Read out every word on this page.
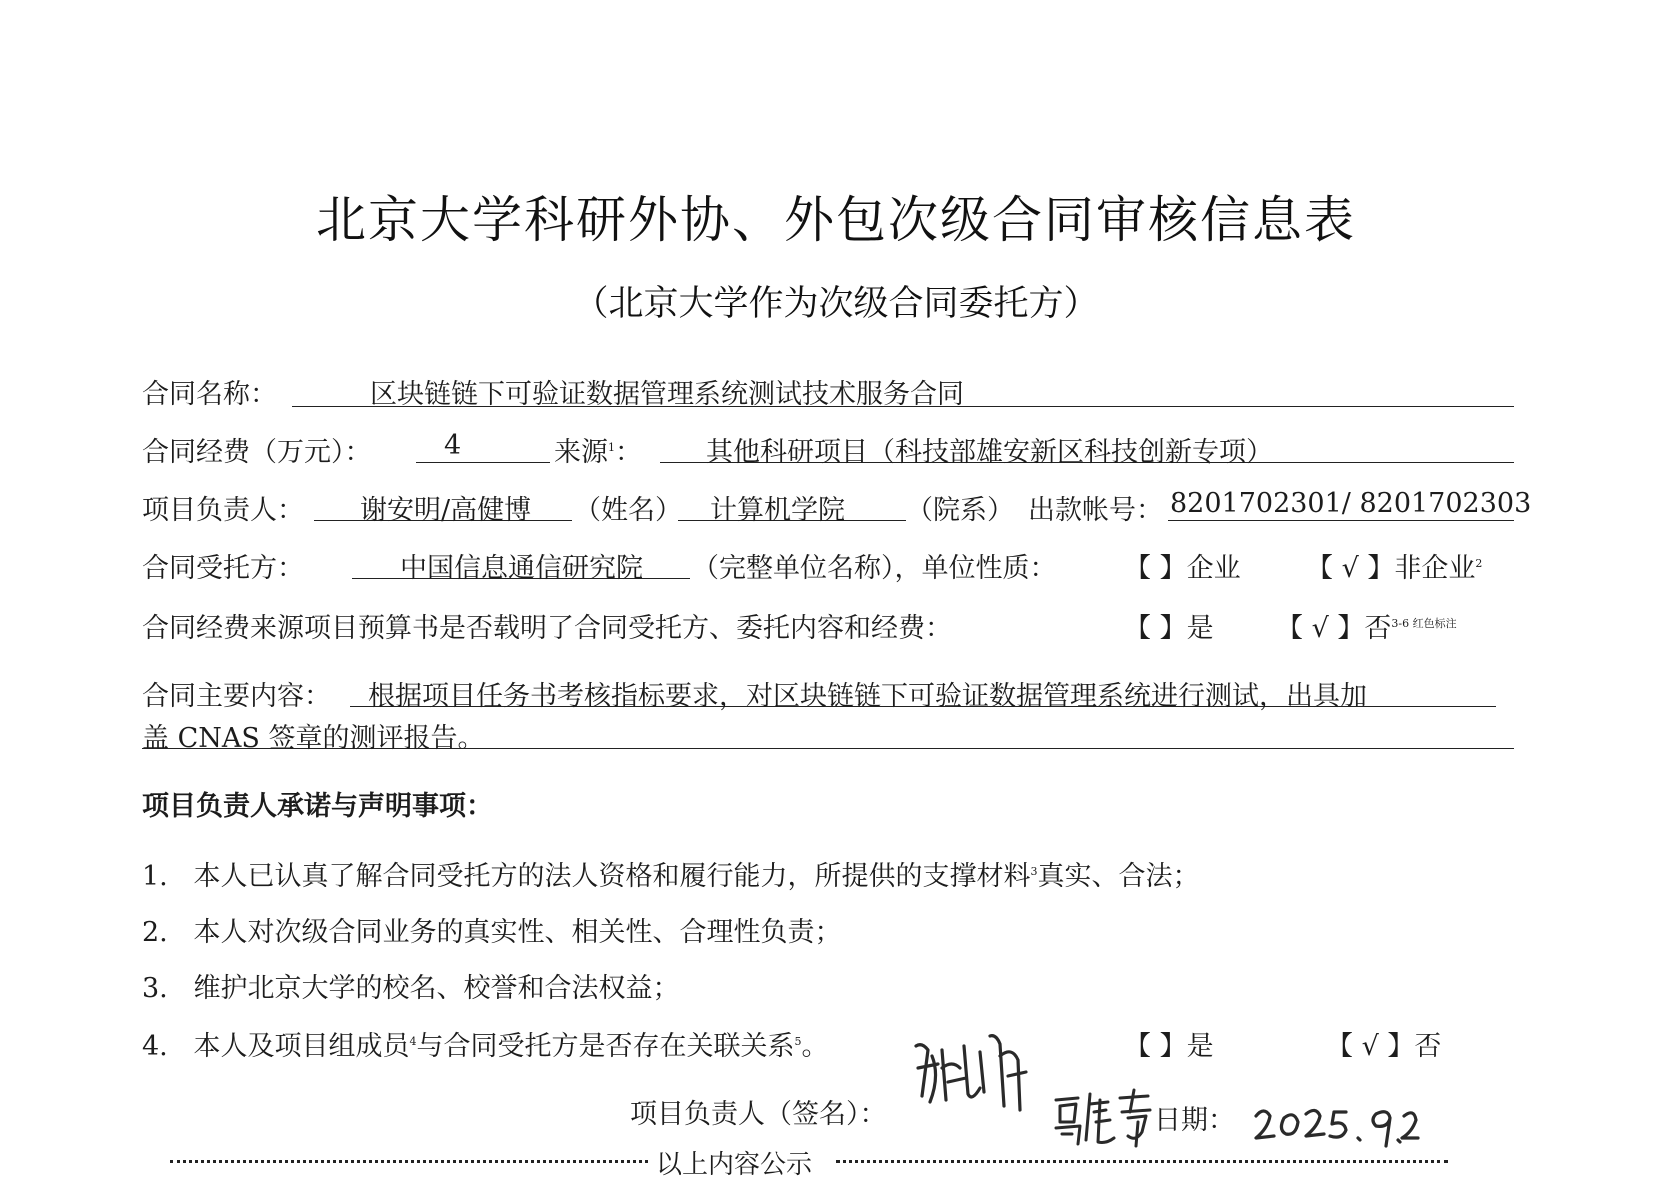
北京大学科研外协、外包次级合同审核信息表
（北京大学作为次级合同委托方）
合同名称：	区块链链下可验证数据管理系统测试技术服务合同
合同经费（万元）：	4	来源$^1$： 其他科研项目（科技部雄安新区科技创新专项）
项目负责人： 谢安明/高健博 （姓名） 计算机学院 （院系） 出款帐号： 8201702301/ 8201702303
合同受托方：	中国信息通信研究院 （完整单位名称），单位性质：	【 】企业 【 √ 】非企业$^2$
合同经费来源项目预算书是否载明了合同受托方、委托内容和经费：	【 】是 【 √ 】否$^{3-6 红色标注}$
合同主要内容： 根据项目任务书考核指标要求，对区块链链下可验证数据管理系统进行测试，出具加
盖 CNAS 签章的测评报告。
项目负责人承诺与声明事项：
1. 本人已认真了解合同受托方的法人资格和履行能力，所提供的支撑材料$^3$真实、合法；
2. 本人对次级合同业务的真实性、相关性、合理性负责；
3. 维护北京大学的校名、校誉和合法权益；
4. 本人及项目组成员$^4$与合同受托方是否存在关联关系$^5$。	【 】是	【 √ 】否
项目负责人（签名）：	日期：
以上内容公示
